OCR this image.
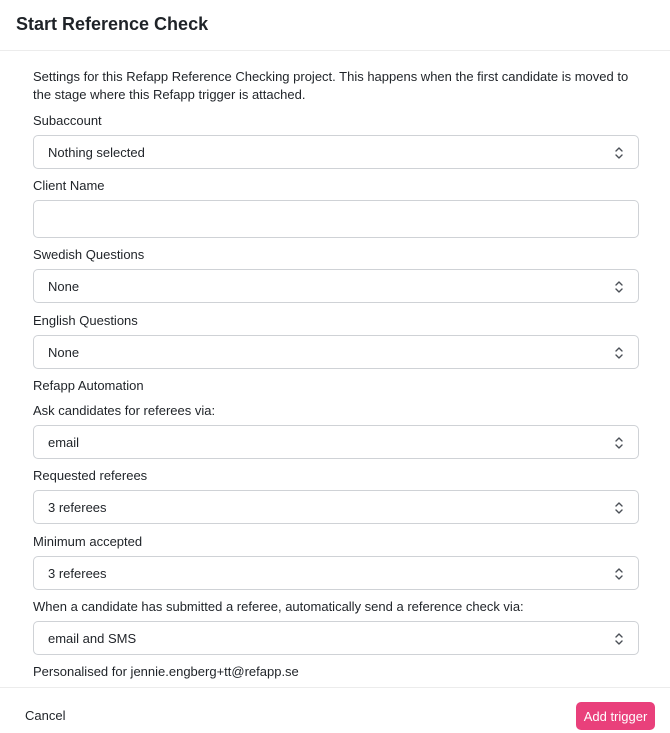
Start Reference Check
Settings for this Refapp Reference Checking project. This happens when the first candidate is moved to the stage where this Refapp trigger is attached.
Subaccount
Nothing selected
Client Name
Swedish Questions
None
English Questions
None
Refapp Automation
Ask candidates for referees via:
email
Requested referees
3 referees
Minimum accepted
3 referees
When a candidate has submitted a referee, automatically send a reference check via:
email and SMS
Personalised for jennie.engberg+tt@refapp.se
Cancel	Add trigger
